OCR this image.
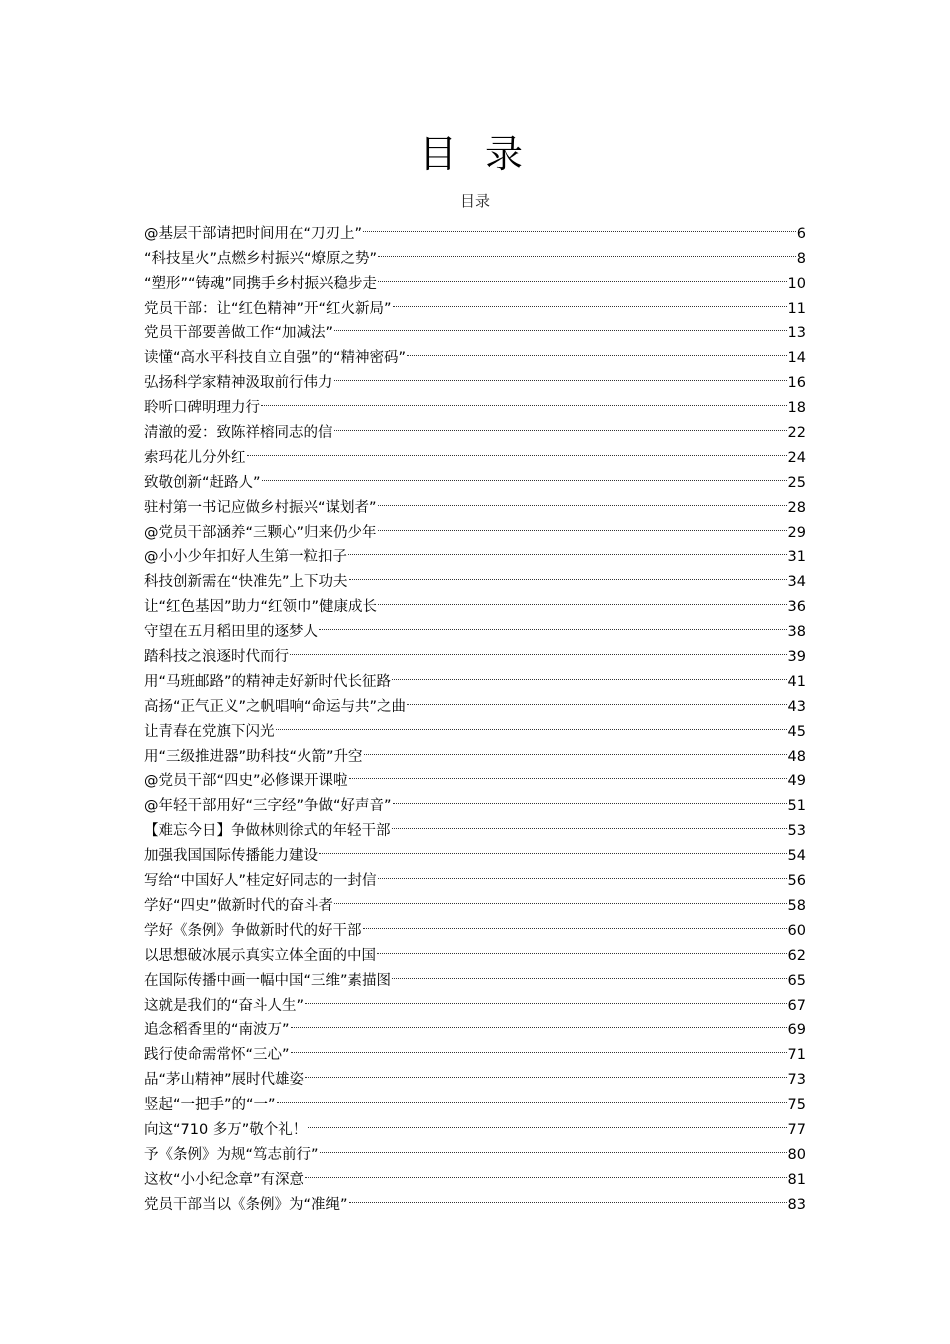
目 录
目录
@基层干部请把时间用在“刀刃上”	6
“科技星火”点燃乡村振兴“燎原之势”	8
“塑形”“铸魂”同携手乡村振兴稳步走	10
党员干部：让“红色精神”开“红火新局”	11
党员干部要善做工作“加减法”	13
读懂“高水平科技自立自强”的“精神密码”	14
弘扬科学家精神汲取前行伟力	16
聆听口碑明理力行	18
清澈的爱：致陈祥榕同志的信	22
索玛花儿分外红	24
致敬创新“赶路人”	25
驻村第一书记应做乡村振兴“谋划者”	28
@党员干部涵养“三颗心”归来仍少年	29
@小小少年扣好人生第一粒扣子	31
科技创新需在“快准先”上下功夫	34
让“红色基因”助力“红领巾”健康成长	36
守望在五月稻田里的逐梦人	38
踏科技之浪逐时代而行	39
用“马班邮路”的精神走好新时代长征路	41
高扬“正气正义”之帆唱响“命运与共”之曲	43
让青春在党旗下闪光	45
用“三级推进器”助科技“火箭”升空	48
@党员干部“四史”必修课开课啦	49
@年轻干部用好“三字经”争做“好声音”	51
【难忘今日】争做林则徐式的年轻干部	53
加强我国国际传播能力建设	54
写给“中国好人”桂定好同志的一封信	56
学好“四史”做新时代的奋斗者	58
学好《条例》争做新时代的好干部	60
以思想破冰展示真实立体全面的中国	62
在国际传播中画一幅中国“三维”素描图	65
这就是我们的“奋斗人生”	67
追念稻香里的“南波万”	69
践行使命需常怀“三心”	71
品“茅山精神”展时代雄姿	73
竖起“一把手”的“一”	75
向这“710 多万”敬个礼！	77
予《条例》为规“笃志前行”	80
这枚“小小纪念章”有深意	81
党员干部当以《条例》为“准绳”	83
